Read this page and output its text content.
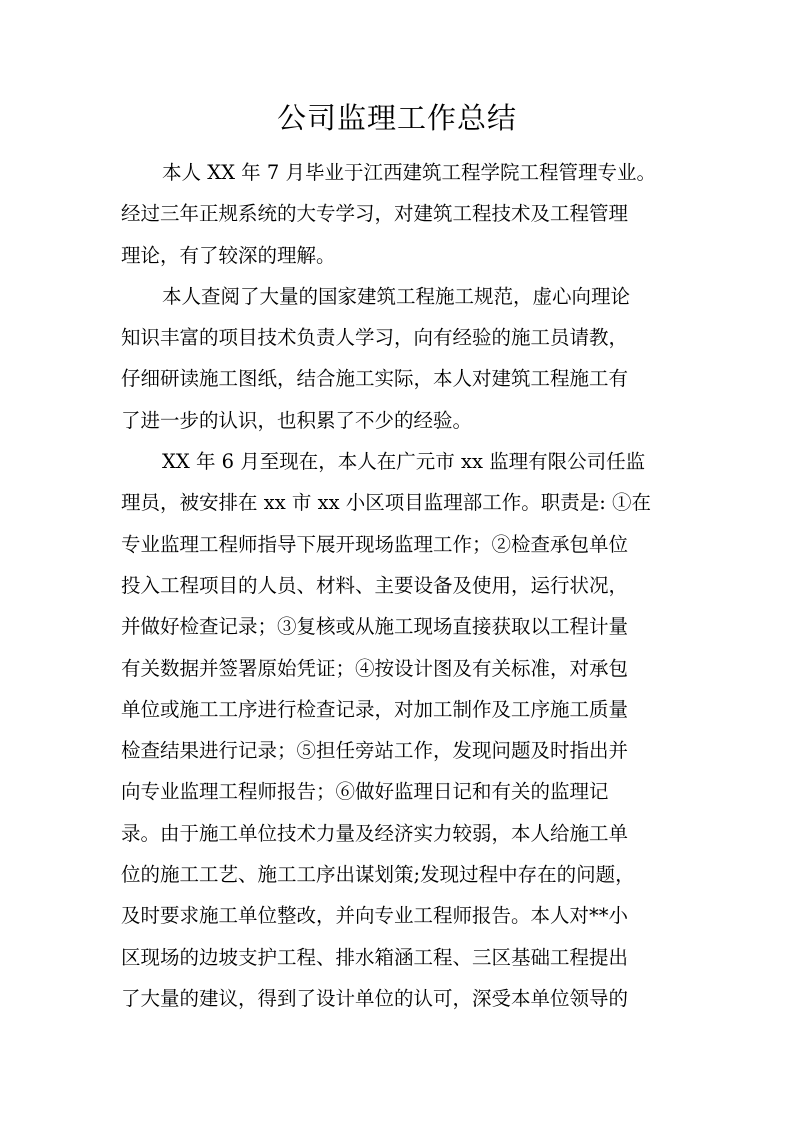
公司监理工作总结
本人 XX 年 7 月毕业于江西建筑工程学院工程管理专业。
经过三年正规系统的大专学习，对建筑工程技术及工程管理
理论，有了较深的理解。
本人查阅了大量的国家建筑工程施工规范，虚心向理论
知识丰富的项目技术负责人学习，向有经验的施工员请教，
仔细研读施工图纸，结合施工实际，本人对建筑工程施工有
了进一步的认识，也积累了不少的经验。
XX 年 6 月至现在，本人在广元市 xx 监理有限公司任监
理员，被安排在 xx 市 xx 小区项目监理部工作。职责是: ①在
专业监理工程师指导下展开现场监理工作；②检查承包单位
投入工程项目的人员、材料、主要设备及使用，运行状况，
并做好检查记录；③复核或从施工现场直接获取以工程计量
有关数据并签署原始凭证；④按设计图及有关标准，对承包
单位或施工工序进行检查记录，对加工制作及工序施工质量
检查结果进行记录；⑤担任旁站工作，发现问题及时指出并
向专业监理工程师报告；⑥做好监理日记和有关的监理记
录。由于施工单位技术力量及经济实力较弱，本人给施工单
位的施工工艺、施工工序出谋划策;发现过程中存在的问题，
及时要求施工单位整改，并向专业工程师报告。本人对**小
区现场的边坡支护工程、排水箱涵工程、三区基础工程提出
了大量的建议，得到了设计单位的认可，深受本单位领导的
